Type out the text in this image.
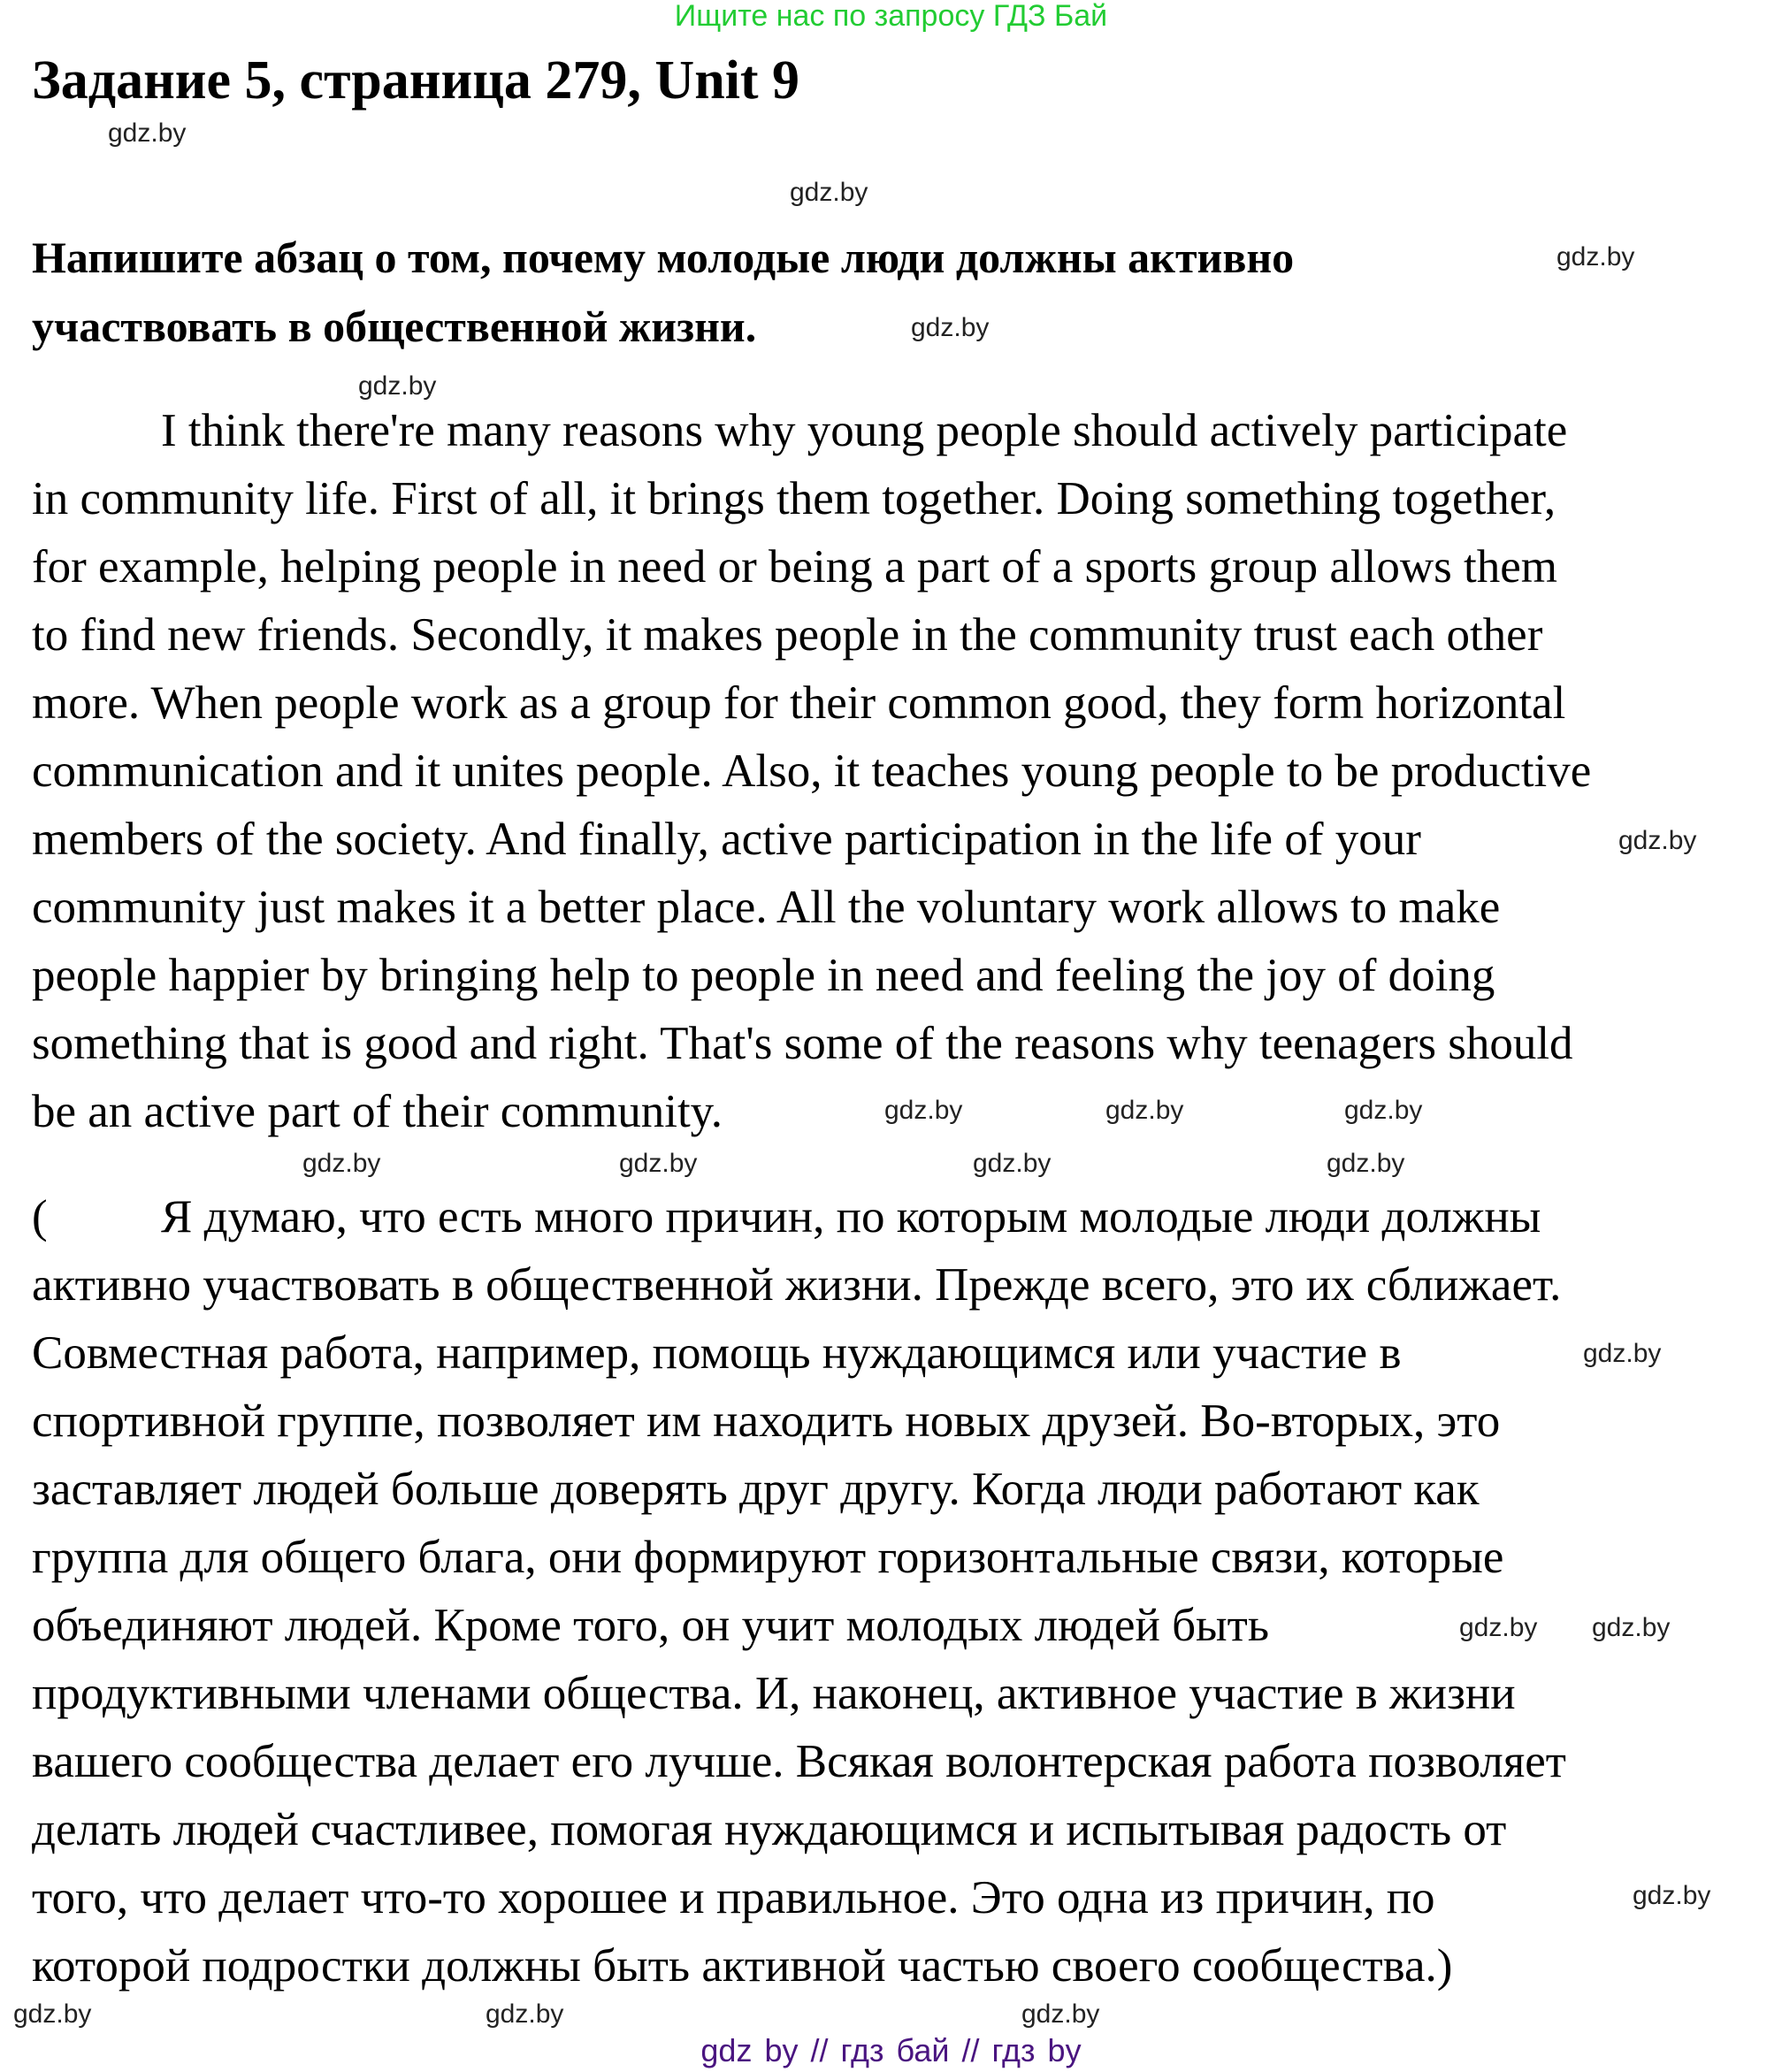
Ищите нас по запросу ГДЗ Бай
Задание 5, страница 279, Unit 9
Напишите абзац о том, почему молодые люди должны активно
участвовать в общественной жизни.
I think there're many reasons why young people should actively participate
in community life. First of all, it brings them together. Doing something together,
for example, helping people in need or being a part of a sports group allows them
to find new friends. Secondly, it makes people in the community trust each other
more. When people work as a group for their common good, they form horizontal
communication and it unites people. Also, it teaches young people to be productive
members of the society. And finally, active participation in the life of your
community just makes it a better place. All the voluntary work allows to make
people happier by bringing help to people in need and feeling the joy of doing
something that is good and right. That's some of the reasons why teenagers should
be an active part of their community.
( Я думаю, что есть много причин, по которым молодые люди должны
активно участвовать в общественной жизни. Прежде всего, это их сближает.
Совместная работа, например, помощь нуждающимся или участие в
спортивной группе, позволяет им находить новых друзей. Во-вторых, это
заставляет людей больше доверять друг другу. Когда люди работают как
группа для общего блага, они формируют горизонтальные связи, которые
объединяют людей. Кроме того, он учит молодых людей быть
продуктивными членами общества. И, наконец, активное участие в жизни
вашего сообщества делает его лучше. Всякая волонтерская работа позволяет
делать людей счастливее, помогая нуждающимся и испытывая радость от
того, что делает что-то хорошее и правильное. Это одна из причин, по
которой подростки должны быть активной частью своего сообщества.)
gdz.by
gdz.by
gdz.by
gdz.by
gdz.by
gdz.by
gdz.by
gdz.by
gdz.by	gdz.by
gdz.by	gdz.by	gdz.by
gdz.by
gdz.by gdz.by
gdz.by
gdz.by
gdz.by
gdz.by
gdz by // гдз бай // гдз by
